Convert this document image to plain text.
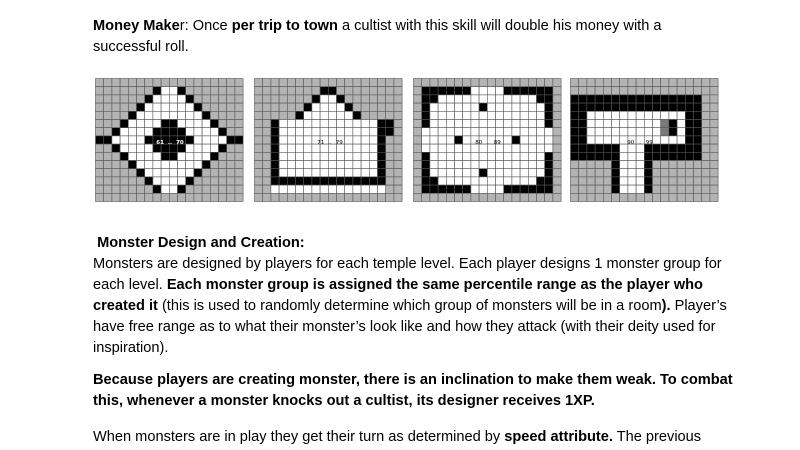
Money Maker: Once per trip to town a cultist with this skill will double his money with a successful roll.

61 .. 70	71 .. 79	80 .. 89	90 .. 99
Monster Design and Creation:

Monsters are designed by players for each temple level. Each player designs 1 monster group for each level. Each monster group is assigned the same percentile range as the player who created it (this is used to randomly determine which group of monsters will be in a room). Player’s have free range as to what their monster’s look like and how they attack (with their deity used for inspiration).

Because players are creating monster, there is an inclination to make them weak. To combat this, whenever a monster knocks out a cultist, its designer receives 1XP.

When monsters are in play they get their turn as determined by speed attribute. The previous
